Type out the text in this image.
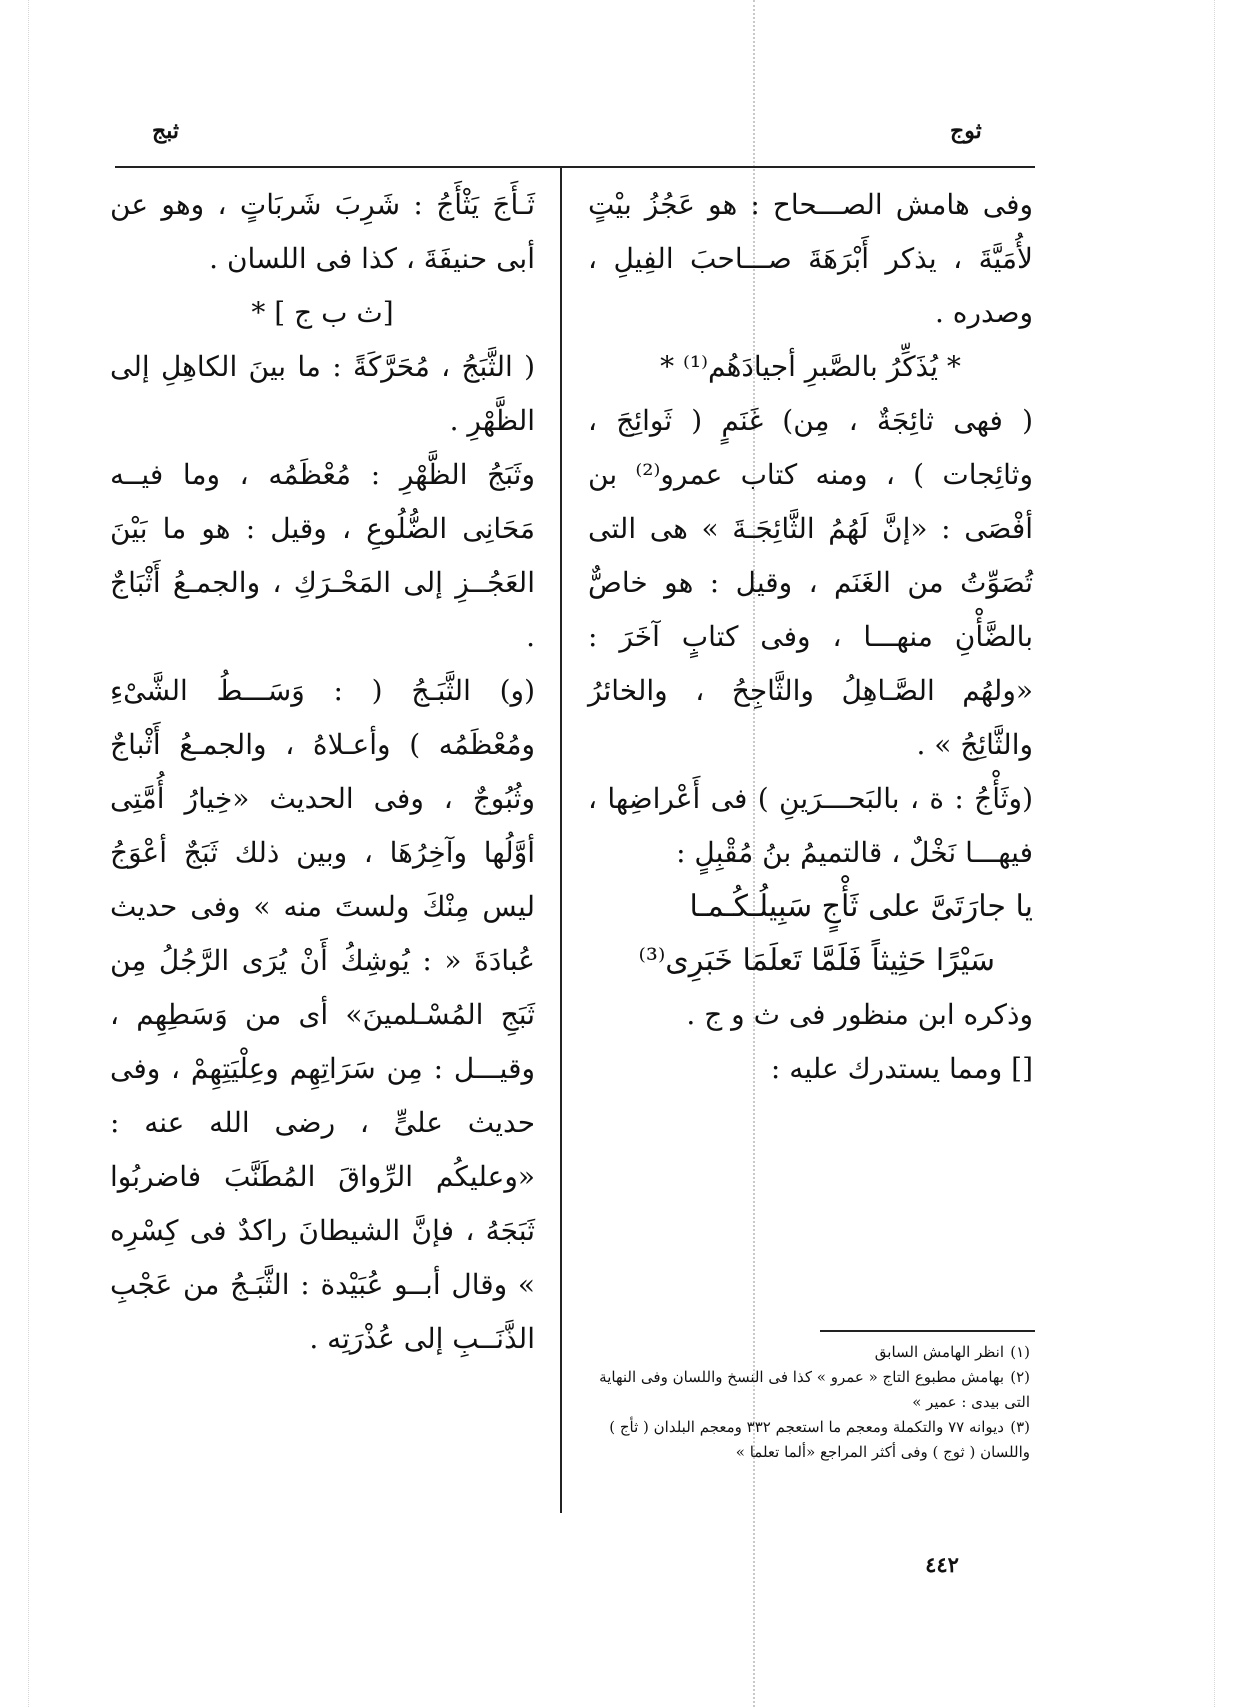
ثبج	ثوج

وفى هامش الصـــحاح : هو عَجُزُ بيْتٍ لأُمَيَّةَ ، يذكر أَبْرَهَةَ صـــاحبَ الفِيلِ ، وصدره .

* يُذَكِّرُ بالصَّبرِ أجيادَهُم⁽¹⁾ *

( فهى ثائِجَةٌ ، مِن) غَنَمٍ ( ثَوائِجَ ، وثائِجات ) ، ومنه كتاب عمرو⁽²⁾ بن أفْصَى : «إنَّ لَهُمُ الثَّائِجَـةَ » هى التى تُصَوِّتُ من الغَنَم ، وقيل : هو خاصٌّ بالضَّأْنِ منهـــا ، وفى كتابٍ آخَرَ : «ولهُم الصَّـاهِلُ والثَّاجِحُ ، والخائرُ والثَّائِجُ » .

(وثَأْجُ : ة ، بالبَحـــرَينِ ) فى أَعْراضِها ، فيهـــا نَخْلٌ ، قالتميمُ بنُ مُقْبِلٍ :

يا جارَتَىَّ على ثَأْجٍ سَبِيلُـكُـمـا

سَيْرًا حَثِيثاً فَلَمَّا تَعلَمَا خَبَرِى⁽³⁾

وذكره ابن منظور فى ث و ج .

[] ومما يستدرك عليه :

ثَـأَجَ يَثْأَجُ : شَرِبَ شَربَاتٍ ، وهو عن أبى حنيفَةَ ، كذا فى اللسان .

[ث ب ج ] *

( الثَّبَجُ ، مُحَرَّكَةً : ما بينَ الكاهِلِ إلى الظَّهْرِ .

وثَبَجُ الظَّهْرِ : مُعْظَمُه ، وما فيــه مَحَانِى الضُّلُوعِ ، وقيل : هو ما بَيْنَ العَجُــزِ إلى المَحْـرَكِ ، والجمـعُ أَثْبَاجٌ .

(و) الثَّبَـجُ ( : وَسَـــطُ الشَّىْءِ ومُعْظَمُه ) وأعـلاهُ ، والجمـعُ أَثْباجٌ وثُبُوجٌ ، وفى الحديث «خِيارُ أُمَّتِى أوَّلُها وآخِرُهَا ، وبين ذلك ثَبَجٌ أعْوَجُ ليس مِنْكَ ولستَ منه » وفى حديث عُبادَةَ « : يُوشِكُ أَنْ يُرَى الرَّجُلُ مِن ثَبَجِ المُسْـلمينَ» أى من وَسَطِهِم ، وقيـــل : مِن سَرَاتِهِم وعِلْيَتِهِمْ ، وفى حديث علىٍّ ، رضى الله عنه : «وعليكُم الرِّواقَ المُطَنَّبَ فاضربُوا ثَبَجَهُ ، فإنَّ الشيطانَ راكدٌ فى كِسْرِه » وقال أبــو عُبَيْدة : الثَّبَـجُ من عَجْبِ الذَّنَــبِ إلى عُذْرَتِه .	(١)انظر الهامش السابق

(٢)بهامش مطبوع التاج « عمرو » كذا فى النسخ واللسان وفى النهاية التى بيدى : عمير »

(٣)ديوانه ٧٧ والتكملة ومعجم ما استعجم ٣٣٢ ومعجم البلدان ( ثأج ) واللسان ( ثوج ) وفى أكثر المراجع «ألما تعلما »

٤٤٢
